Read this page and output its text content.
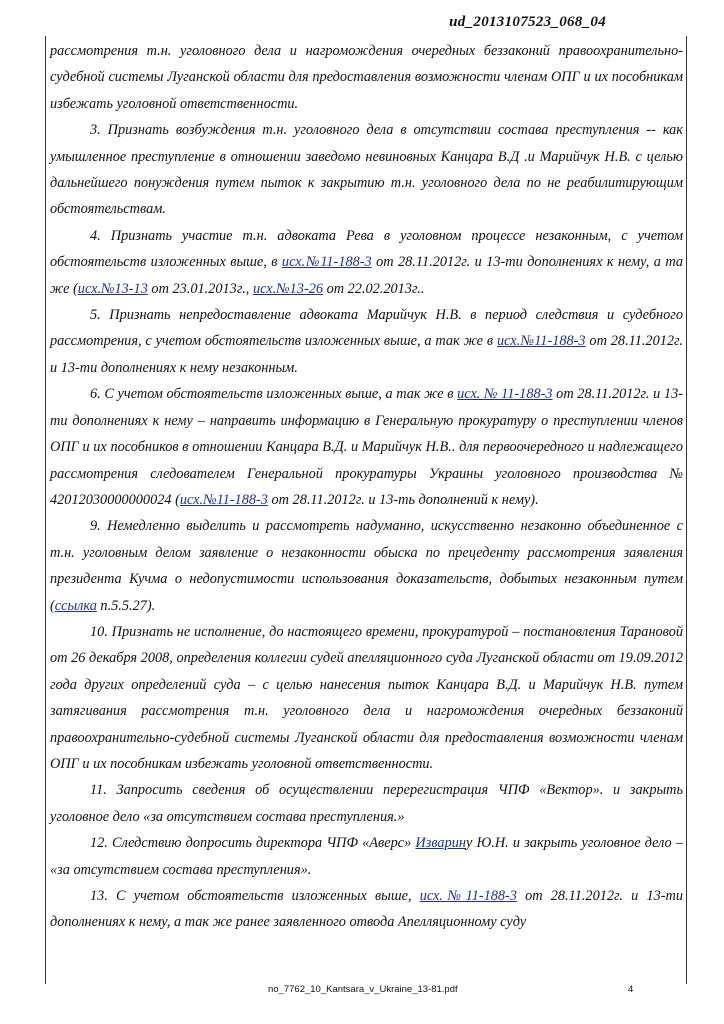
ud_2013107523_068_04

рассмотрения т.н. уголовного дела и нагромождения очередных беззаконий правоохранительно-судебной системы Луганской области для предоставления возможности членам ОПГ и их пособникам избежать уголовной ответственности.

3. Признать возбуждения т.н. уголовного дела в отсутствии состава преступления -- как умышленное преступление в отношении заведомо невиновных Канцара В.Д .и Марийчук Н.В. с целью дальнейшего понуждения путем пыток к закрытию т.н. уголовного дела по не реабилитирующим обстоятельствам.

4. Признать участие т.н. адвоката Рева в уголовном процессе незаконным, с учетом обстоятельств изложенных выше, в исх.№11-188-3 от 28.11.2012г. и 13-ти дополнениях к нему, а та же (исх.№13-13 от 23.01.2013г., исх.№13-26 от 22.02.2013г..

5. Признать непредоставление адвоката Марийчук Н.В. в период следствия и судебного рассмотрения, с учетом обстоятельств изложенных выше, а так же в исх.№11-188-3 от 28.11.2012г. и 13-ти дополнениях к нему незаконным.

6. С учетом обстоятельств изложенных выше, а так же в исх. № 11-188-3 от 28.11.2012г. и 13-ти дополнениях к нему – направить информацию в Генеральную прокуратуру о преступлении членов ОПГ и их пособников в отношении Канцара В.Д. и Марийчук Н.В.. для первоочередного и надлежащего рассмотрения следователем Генеральной прокуратуры Украины уголовного производства № 42012030000000024 (исх.№11-188-3 от 28.11.2012г. и 13-ть дополнений к нему).

9. Немедленно выделить и рассмотреть надуманно, искусственно незаконно объединенное с т.н. уголовным делом заявление о незаконности обыска по прецеденту рассмотрения заявления президента Кучма о недопустимости использования доказательств, добытых незаконным путем (ссылка п.5.5.27).

10. Признать не исполнение, до настоящего времени, прокуратурой – постановления Тарановой от 26 декабря 2008, определения коллегии судей апелляционного суда Луганской области от 19.09.2012 года других определений суда – с целью нанесения пыток Канцара В.Д. и Марийчук Н.В. путем затягивания рассмотрения т.н. уголовного дела и нагромождения очередных беззаконий правоохранительно-судебной системы Луганской области для предоставления возможности членам ОПГ и их пособникам избежать уголовной ответственности.

11. Запросить сведения об осуществлении перерегистрация ЧПФ «Вектор». и закрыть уголовное дело «за отсутствием состава преступления.»

12. Следствию допросить директора ЧПФ «Аверс» Изварину Ю.Н. и закрыть уголовное дело – «за отсутствием состава преступления».

13. С учетом обстоятельств изложенных выше, исх.№11-188-3 от 28.11.2012г. и 13-ти дополнениях к нему, а так же ранее заявленного отвода Апелляционному суду

no_7762_10_Kantsara_v_Ukraine_13-81.pdf	4
